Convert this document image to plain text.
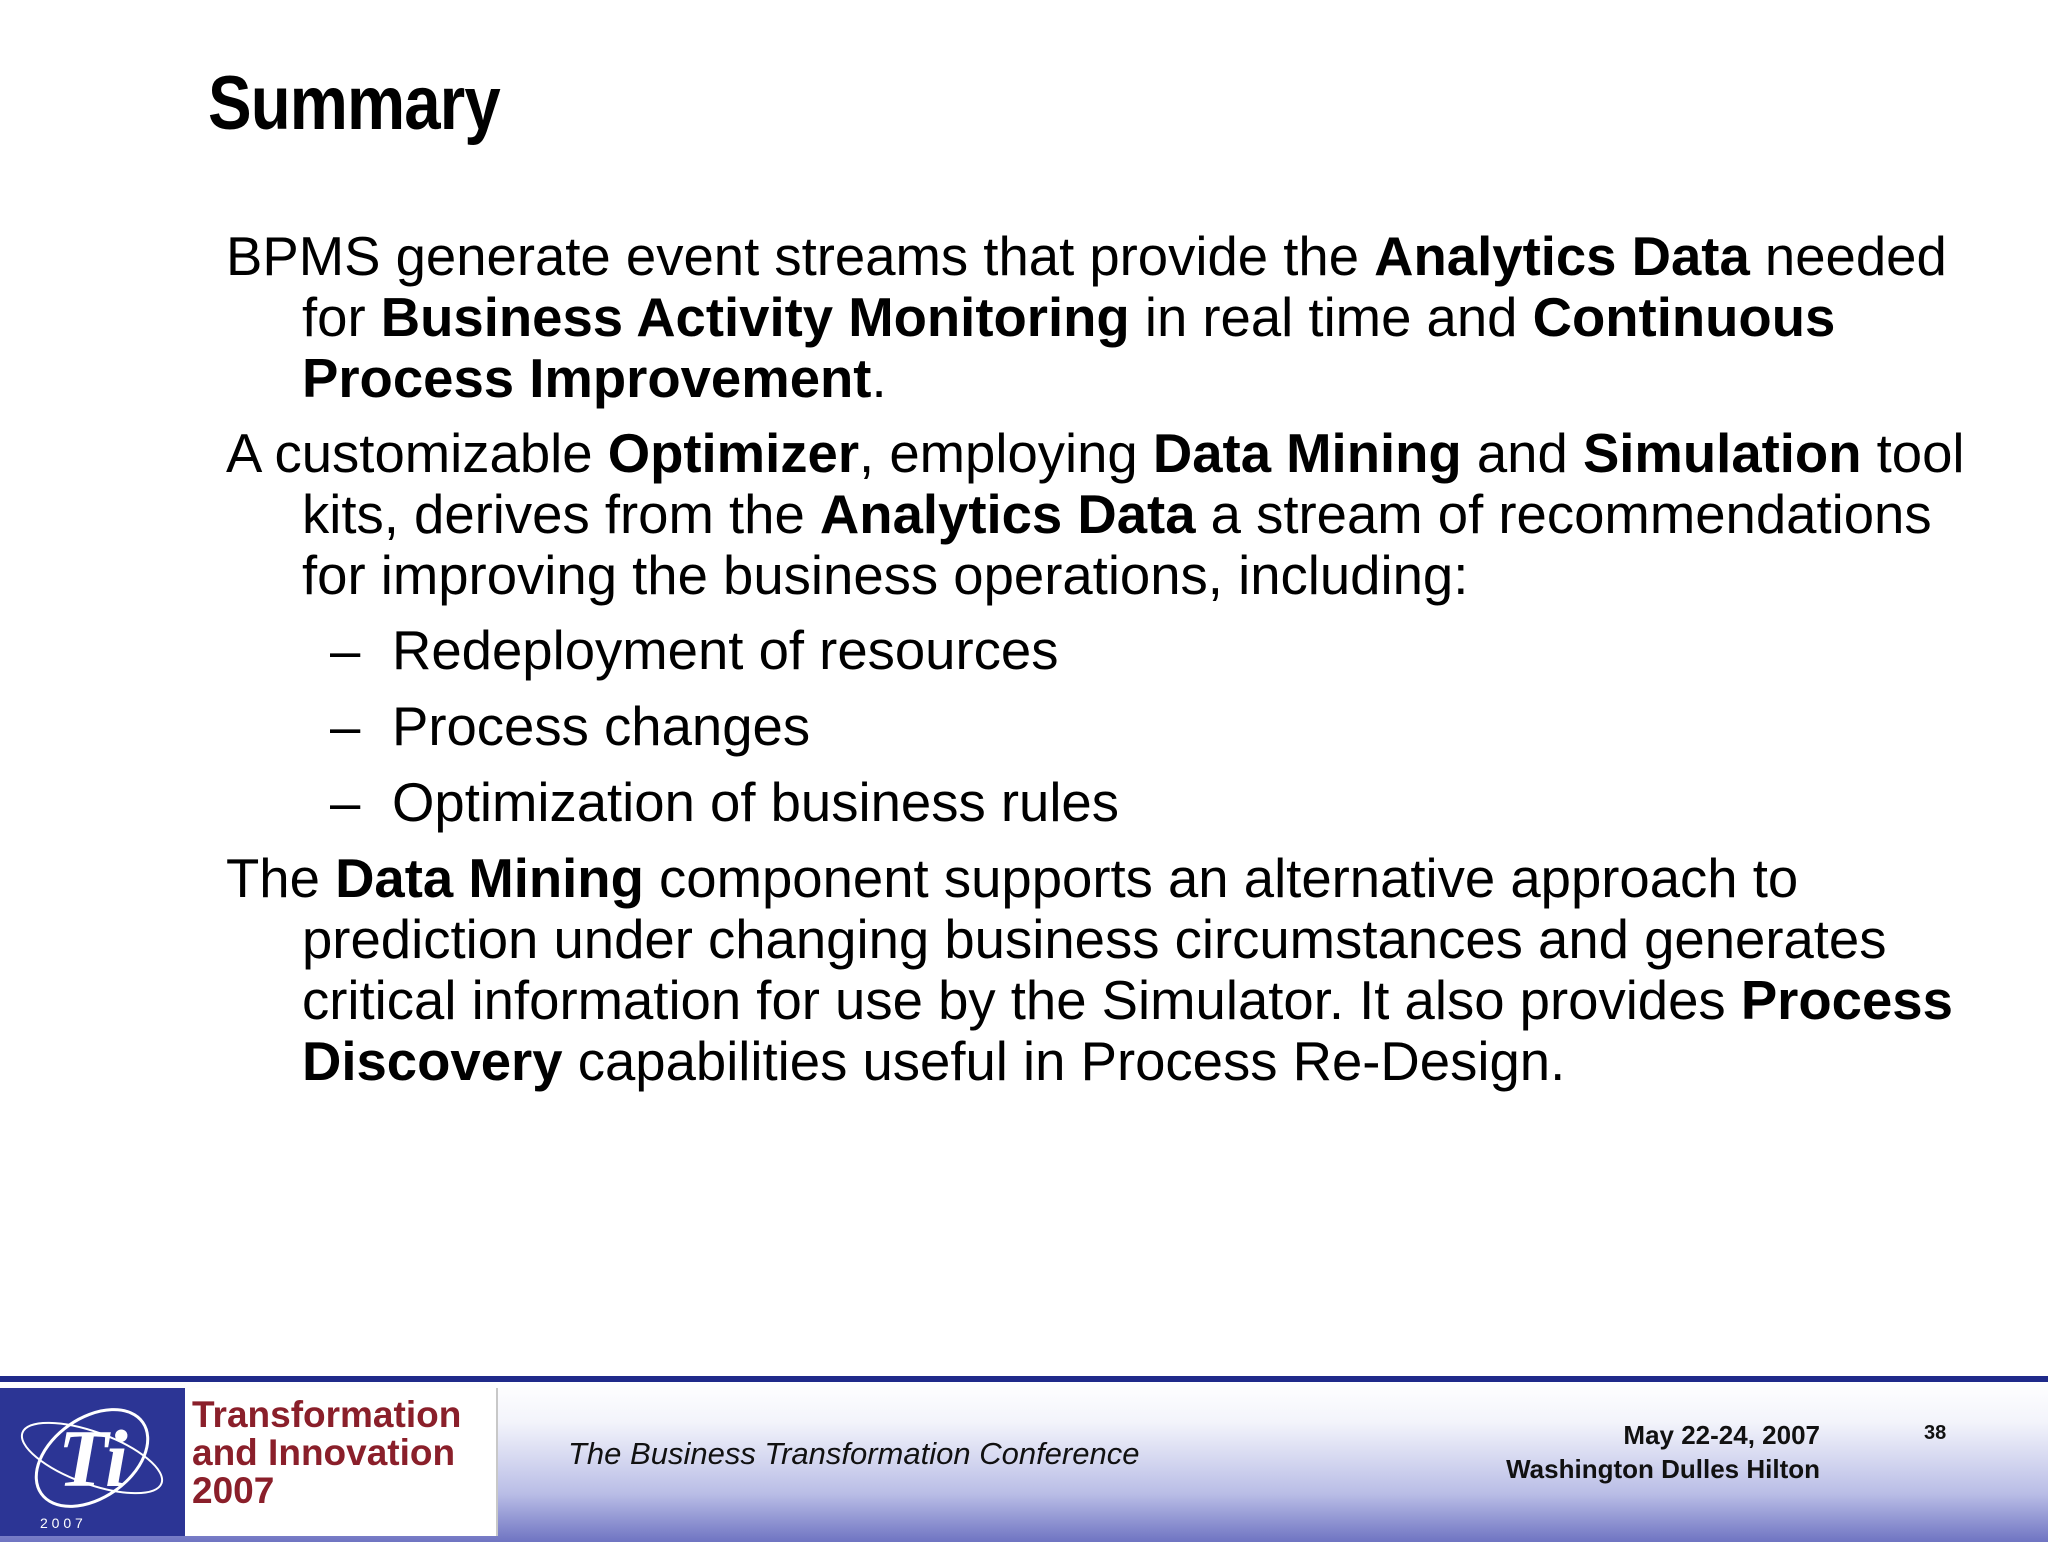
Summary

BPMS generate event streams that provide the Analytics Data needed for Business Activity Monitoring in real time and Continuous Process Improvement.

A customizable Optimizer, employing Data Mining and Simulation tool kits, derives from the Analytics Data a stream of recommendations for improving the business operations, including:

– Redeployment of resources
– Process changes
– Optimization of business rules

The Data Mining component supports an alternative approach to prediction under changing business circumstances and generates critical information for use by the Simulator. It also provides Process Discovery capabilities useful in Process Re-Design.

Ti
2 0 0 7
Transformation
and Innovation
2007
The Business Transformation Conference
May 22-24, 2007
Washington Dulles Hilton
38
